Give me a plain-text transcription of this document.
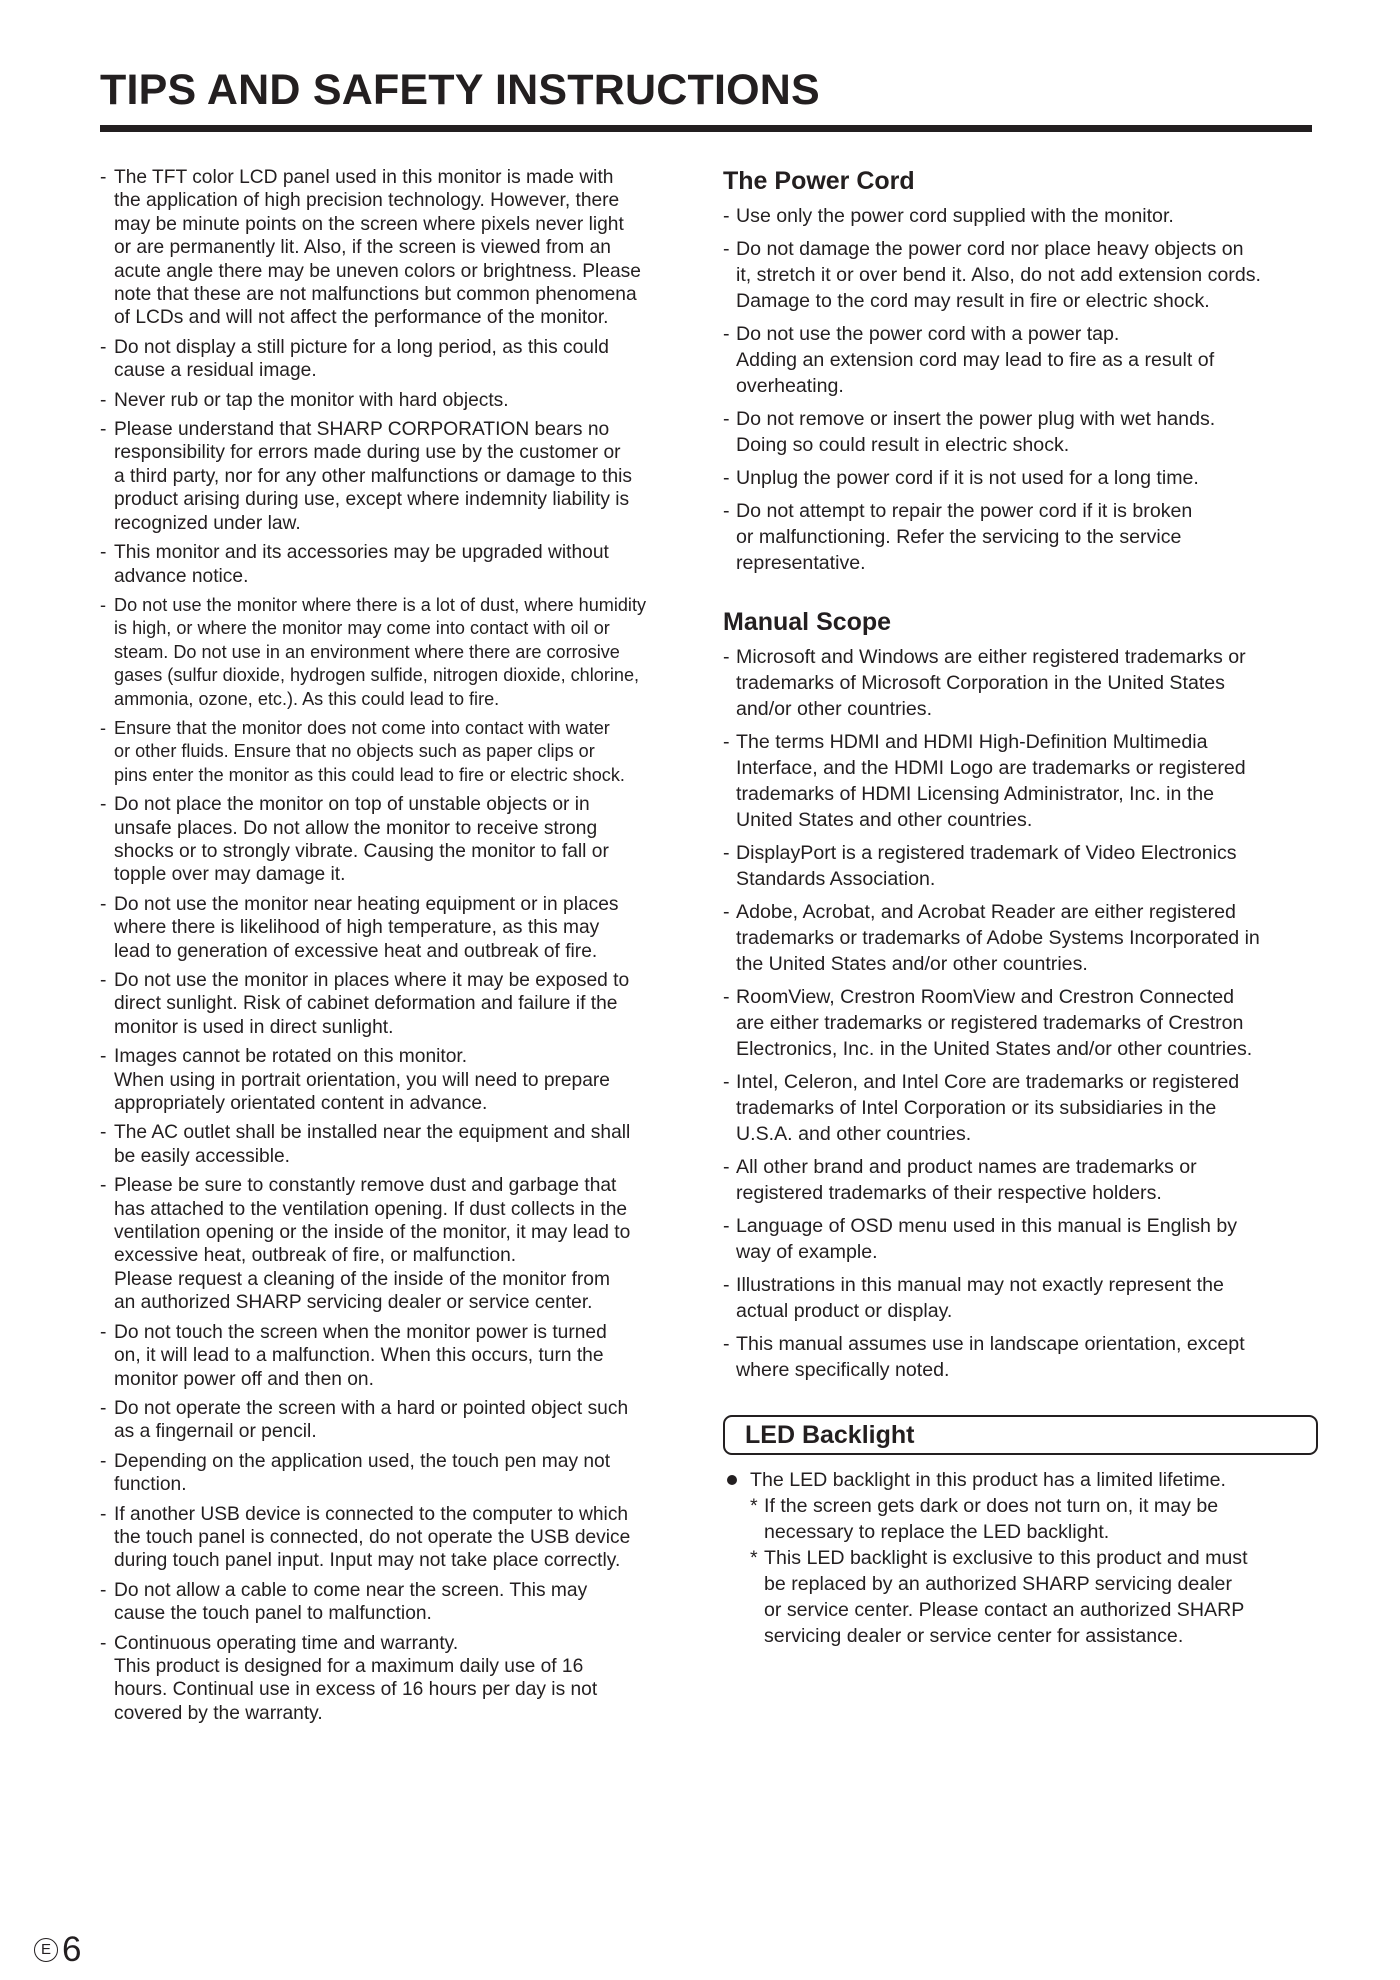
TIPS AND SAFETY INSTRUCTIONS
- The TFT color LCD panel used in this monitor is made with
the application of high precision technology. However, there
may be minute points on the screen where pixels never light
or are permanently lit. Also, if the screen is viewed from an
acute angle there may be uneven colors or brightness. Please
note that these are not malfunctions but common phenomena
of LCDs and will not affect the performance of the monitor.
- Do not display a still picture for a long period, as this could
cause a residual image.
- Never rub or tap the monitor with hard objects.
- Please understand that SHARP CORPORATION bears no
responsibility for errors made during use by the customer or
a third party, nor for any other malfunctions or damage to this
product arising during use, except where indemnity liability is
recognized under law.
- This monitor and its accessories may be upgraded without
advance notice.
- Do not use the monitor where there is a lot of dust, where humidity
is high, or where the monitor may come into contact with oil or
steam. Do not use in an environment where there are corrosive
gases (sulfur dioxide, hydrogen sulfide, nitrogen dioxide, chlorine,
ammonia, ozone, etc.). As this could lead to fire.
- Ensure that the monitor does not come into contact with water
or other fluids. Ensure that no objects such as paper clips or
pins enter the monitor as this could lead to fire or electric shock.
- Do not place the monitor on top of unstable objects or in
unsafe places. Do not allow the monitor to receive strong
shocks or to strongly vibrate. Causing the monitor to fall or
topple over may damage it.
- Do not use the monitor near heating equipment or in places
where there is likelihood of high temperature, as this may
lead to generation of excessive heat and outbreak of fire.
- Do not use the monitor in places where it may be exposed to
direct sunlight. Risk of cabinet deformation and failure if the
monitor is used in direct sunlight.
- Images cannot be rotated on this monitor.
When using in portrait orientation, you will need to prepare
appropriately orientated content in advance.
- The AC outlet shall be installed near the equipment and shall
be easily accessible.
- Please be sure to constantly remove dust and garbage that
has attached to the ventilation opening. If dust collects in the
ventilation opening or the inside of the monitor, it may lead to
excessive heat, outbreak of fire, or malfunction.
Please request a cleaning of the inside of the monitor from
an authorized SHARP servicing dealer or service center.
- Do not touch the screen when the monitor power is turned
on, it will lead to a malfunction. When this occurs, turn the
monitor power off and then on.
- Do not operate the screen with a hard or pointed object such
as a fingernail or pencil.
- Depending on the application used, the touch pen may not
function.
- If another USB device is connected to the computer to which
the touch panel is connected, do not operate the USB device
during touch panel input. Input may not take place correctly.
- Do not allow a cable to come near the screen. This may
cause the touch panel to malfunction.
- Continuous operating time and warranty.
This product is designed for a maximum daily use of 16
hours. Continual use in excess of 16 hours per day is not
covered by the warranty.
The Power Cord
- Use only the power cord supplied with the monitor.
- Do not damage the power cord nor place heavy objects on
it, stretch it or over bend it. Also, do not add extension cords.
Damage to the cord may result in fire or electric shock.
- Do not use the power cord with a power tap.
Adding an extension cord may lead to fire as a result of
overheating.
- Do not remove or insert the power plug with wet hands.
Doing so could result in electric shock.
- Unplug the power cord if it is not used for a long time.
- Do not attempt to repair the power cord if it is broken
or malfunctioning. Refer the servicing to the service
representative.
Manual Scope
- Microsoft and Windows are either registered trademarks or
trademarks of Microsoft Corporation in the United States
and/or other countries.
- The terms HDMI and HDMI High-Definition Multimedia
Interface, and the HDMI Logo are trademarks or registered
trademarks of HDMI Licensing Administrator, Inc. in the
United States and other countries.
- DisplayPort is a registered trademark of Video Electronics
Standards Association.
- Adobe, Acrobat, and Acrobat Reader are either registered
trademarks or trademarks of Adobe Systems Incorporated in
the United States and/or other countries.
- RoomView, Crestron RoomView and Crestron Connected
are either trademarks or registered trademarks of Crestron
Electronics, Inc. in the United States and/or other countries.
- Intel, Celeron, and Intel Core are trademarks or registered
trademarks of Intel Corporation or its subsidiaries in the
U.S.A. and other countries.
- All other brand and product names are trademarks or
registered trademarks of their respective holders.
- Language of OSD menu used in this manual is English by
way of example.
- Illustrations in this manual may not exactly represent the
actual product or display.
- This manual assumes use in landscape orientation, except
where specifically noted.
LED Backlight
The LED backlight in this product has a limited lifetime.
* If the screen gets dark or does not turn on, it may be
necessary to replace the LED backlight.
* This LED backlight is exclusive to this product and must
be replaced by an authorized SHARP servicing dealer
or service center. Please contact an authorized SHARP
servicing dealer or service center for assistance.
E 6
